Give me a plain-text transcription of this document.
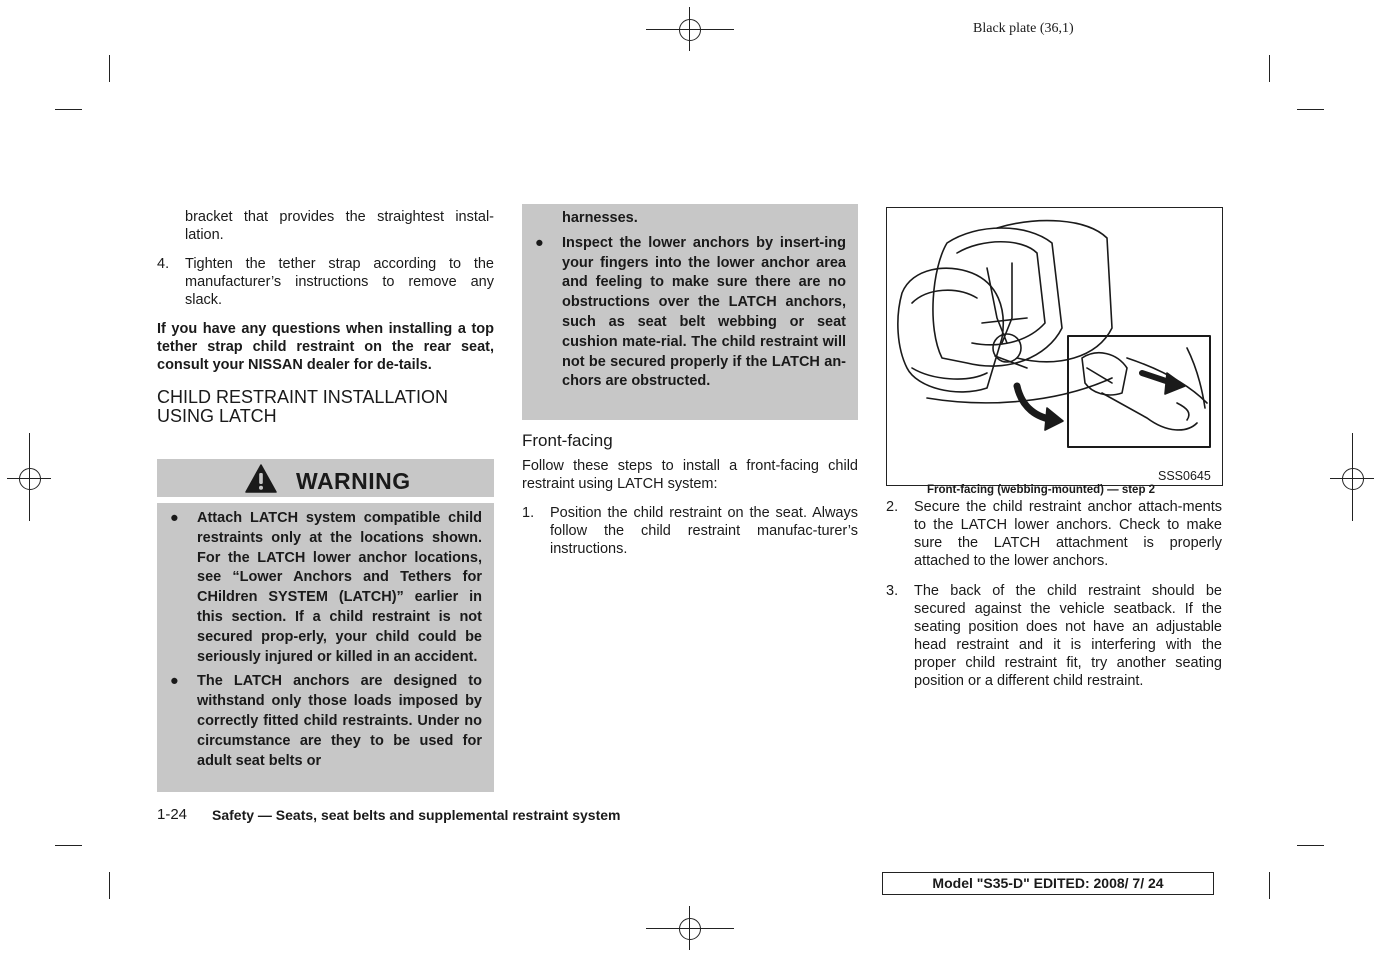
Black plate (36,1)

bracket that provides the straightest instal-lation.

4. Tighten the tether strap according to the manufacturer’s instructions to remove any slack.

If you have any questions when installing a top tether strap child restraint on the rear seat, consult your NISSAN dealer for de-tails.

CHILD RESTRAINT INSTALLATION
USING LATCH
WARNING
● Attach LATCH system compatible child restraints only at the locations shown. For the LATCH lower anchor locations, see “Lower Anchors and Tethers for CHildren SYSTEM (LATCH)” earlier in this section. If a child restraint is not secured prop-erly, your child could be seriously injured or killed in an accident.
● The LATCH anchors are designed to withstand only those loads imposed by correctly fitted child restraints. Under no circumstance are they to be used for adult seat belts or
harnesses.
● Inspect the lower anchors by insert-ing your fingers into the lower anchor area and feeling to make sure there are no obstructions over the LATCH anchors, such as seat belt webbing or seat cushion mate-rial. The child restraint will not be secured properly if the LATCH an-chors are obstructed.
Front-facing

Follow these steps to install a front-facing child restraint using LATCH system:

1. Position the child restraint on the seat. Always follow the child restraint manufac-turer’s instructions.
SSS0645
Front-facing (webbing-mounted) — step 2
2. Secure the child restraint anchor attach-ments to the LATCH lower anchors. Check to make sure the LATCH attachment is properly attached to the lower anchors.
3. The back of the child restraint should be secured against the vehicle seatback. If the seating position does not have an adjustable head restraint and it is interfering with the proper child restraint fit, try another seating position or a different child restraint.
1-24 Safety — Seats, seat belts and supplemental restraint system
Model "S35-D" EDITED: 2008/ 7/ 24
